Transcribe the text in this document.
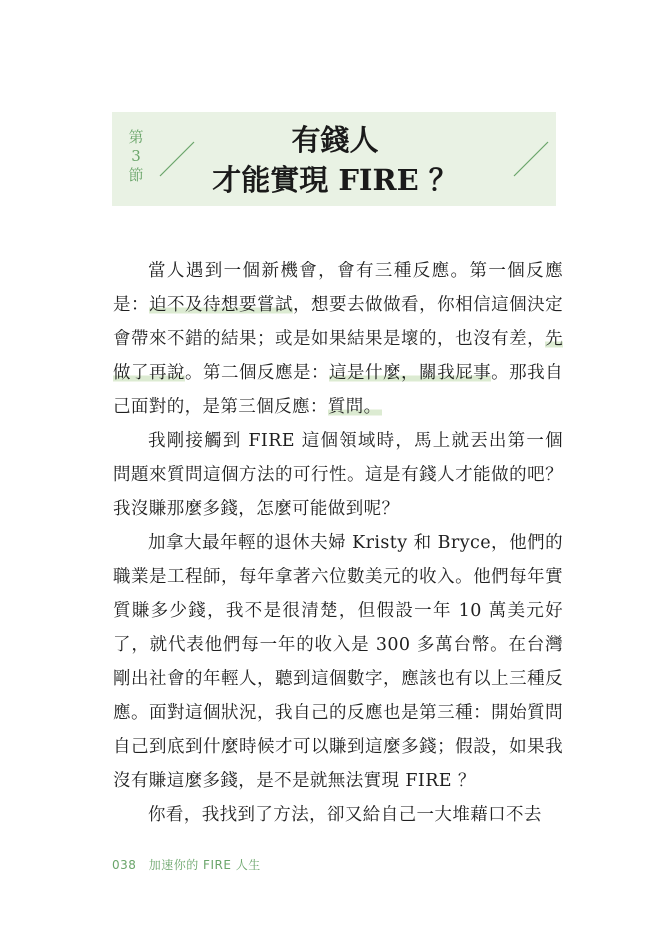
第
3
節
有錢人
才能實現 FIRE ？

當人遇到一個新機會，會有三種反應。第一個反應是：迫不及待想要嘗試，想要去做做看，你相信這個決定會帶來不錯的結果；或是如果結果是壞的，也沒有差，先做了再說。第二個反應是：這是什麼，關我屁事。那我自己面對的，是第三個反應：質問。

我剛接觸到 FIRE 這個領域時，馬上就丟出第一個問題來質問這個方法的可行性。這是有錢人才能做的吧？我沒賺那麼多錢，怎麼可能做到呢？

加拿大最年輕的退休夫婦 Kristy 和 Bryce，他們的職業是工程師，每年拿著六位數美元的收入。他們每年實質賺多少錢，我不是很清楚，但假設一年 10 萬美元好了，就代表他們每一年的收入是 300 多萬台幣。在台灣剛出社會的年輕人，聽到這個數字，應該也有以上三種反應。面對這個狀況，我自己的反應也是第三種：開始質問自己到底到什麼時候才可以賺到這麼多錢；假設，如果我沒有賺這麼多錢，是不是就無法實現 FIRE ？

你看，我找到了方法，卻又給自己一大堆藉口不去

038 加速你的 FIRE 人生
